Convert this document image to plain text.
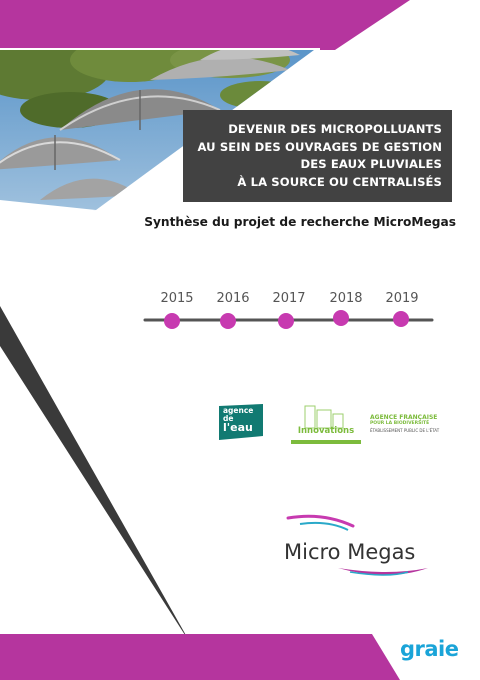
DEVENIR DES MICROPOLLUANTS
AU SEIN DES OUVRAGES DE GESTION
DES EAUX PLUVIALES
À LA SOURCE OU CENTRALISÉS
Synthèse du projet de recherche MicroMegas
2015	2016	2017	2018	2019
agence
de
l'eau	Innovations
AGENCE FRANÇAISE
POUR LA BIODIVERSITÉ
ÉTABLISSEMENT PUBLIC DE L'ÉTAT
Micro Megas
graie
